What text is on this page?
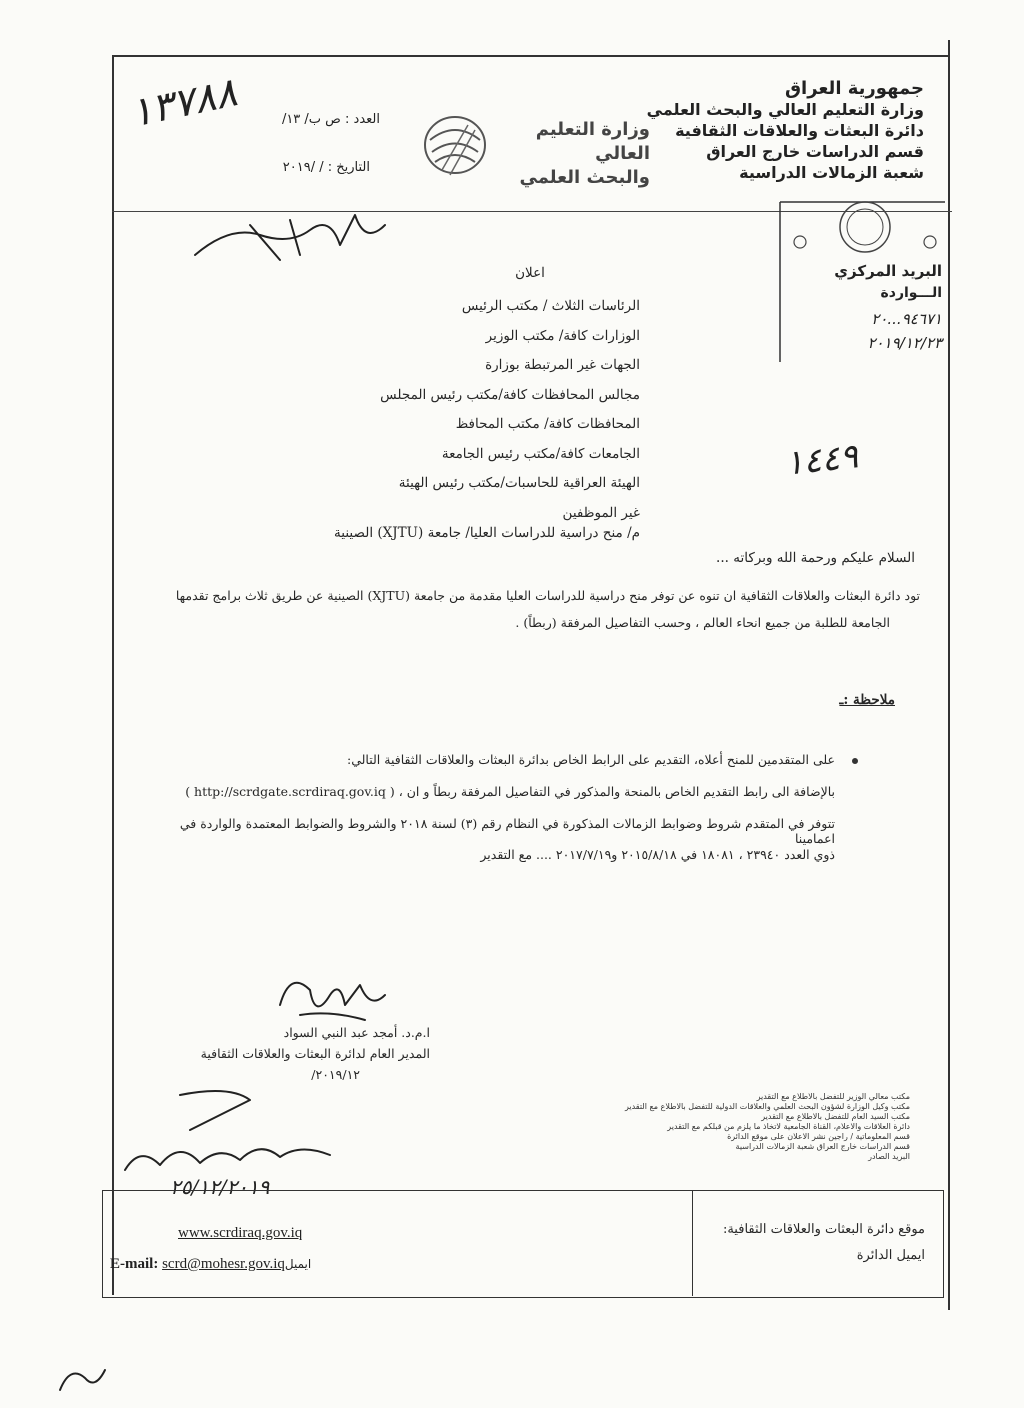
جمهورية العراق
وزارة التعليم العالي والبحث العلمي
دائرة البعثات والعلاقات الثقافية
قسم الدراسات خارج العراق
شعبة الزمالات الدراسية
وزارة التعليم العالي
والبحث العلمي
العدد : ص ب/ ١٣/
التاريخ : / /٢٠١٩
١٣٧٨٨
البريد المركزي
الـــواردة
٩٤٦٧١...٢٠
٢٠١٩/١٢/٢٣
١٤٤٩
اعلان
الرئاسات الثلاث / مكتب الرئيس
الوزارات كافة/ مكتب الوزير
الجهات غير المرتبطة بوزارة
مجالس المحافظات كافة/مكتب رئيس المجلس
المحافظات كافة/ مكتب المحافظ
الجامعات كافة/مكتب رئيس الجامعة
الهيئة العراقية للحاسبات/مكتب رئيس الهيئة
غير الموظفين
م/ منح دراسية للدراسات العليا/ جامعة (XJTU) الصينية
السلام عليكم ورحمة الله وبركاته ...
تود دائرة البعثات والعلاقات الثقافية ان تنوه عن توفر منح دراسية للدراسات العليا مقدمة من جامعة (XJTU) الصينية عن طريق ثلاث برامج تقدمها
الجامعة للطلبة من جميع انحاء العالم ، وحسب التفاصيل المرفقة (ربطاً) .
ملاحظة :ـ
على المتقدمين للمنح أعلاه، التقديم على الرابط الخاص بدائرة البعثات والعلاقات الثقافية التالي:
( http://scrdgate.scrdiraq.gov.iq ) ، بالإضافة الى رابط التقديم الخاص بالمنحة والمذكور في التفاصيل المرفقة ربطاً و ان
تتوفر في المتقدم شروط وضوابط الزمالات المذكورة في النظام رقم (٣) لسنة ٢٠١٨ والشروط والضوابط المعتمدة والواردة في اعمامينا
ذوي العدد ٢٣٩٤٠ ، ١٨٠٨١ في ٢٠١٥/٨/١٨ و٢٠١٧/٧/١٩ .... مع التقدير
ا.م.د. أمجد عبد النبي السواد
المدير العام لدائرة البعثات والعلاقات الثقافية
٢٠١٩/١٢/
مكتب معالي الوزير للتفضل بالاطلاع مع التقدير
مكتب وكيل الوزارة لشؤون البحث العلمي والعلاقات الدولية للتفضل بالاطلاع مع التقدير
مكتب السيد العام للتفضل بالاطلاع مع التقدير
دائرة العلاقات والاعلام، القناة الجامعية لاتخاذ ما يلزم من قبلكم مع التقدير
قسم المعلوماتية / راجين نشر الاعلان على موقع الدائرة
قسم الدراسات خارج العراق شعبة الزمالات الدراسية
البريد الصادر
٢٥/١٢/٢٠١٩
موقع دائرة البعثات والعلاقات الثقافية:
ايميل الدائرة
www.scrdiraq.gov.iq
E-mail: scrd@mohesr.gov.iqايميل
